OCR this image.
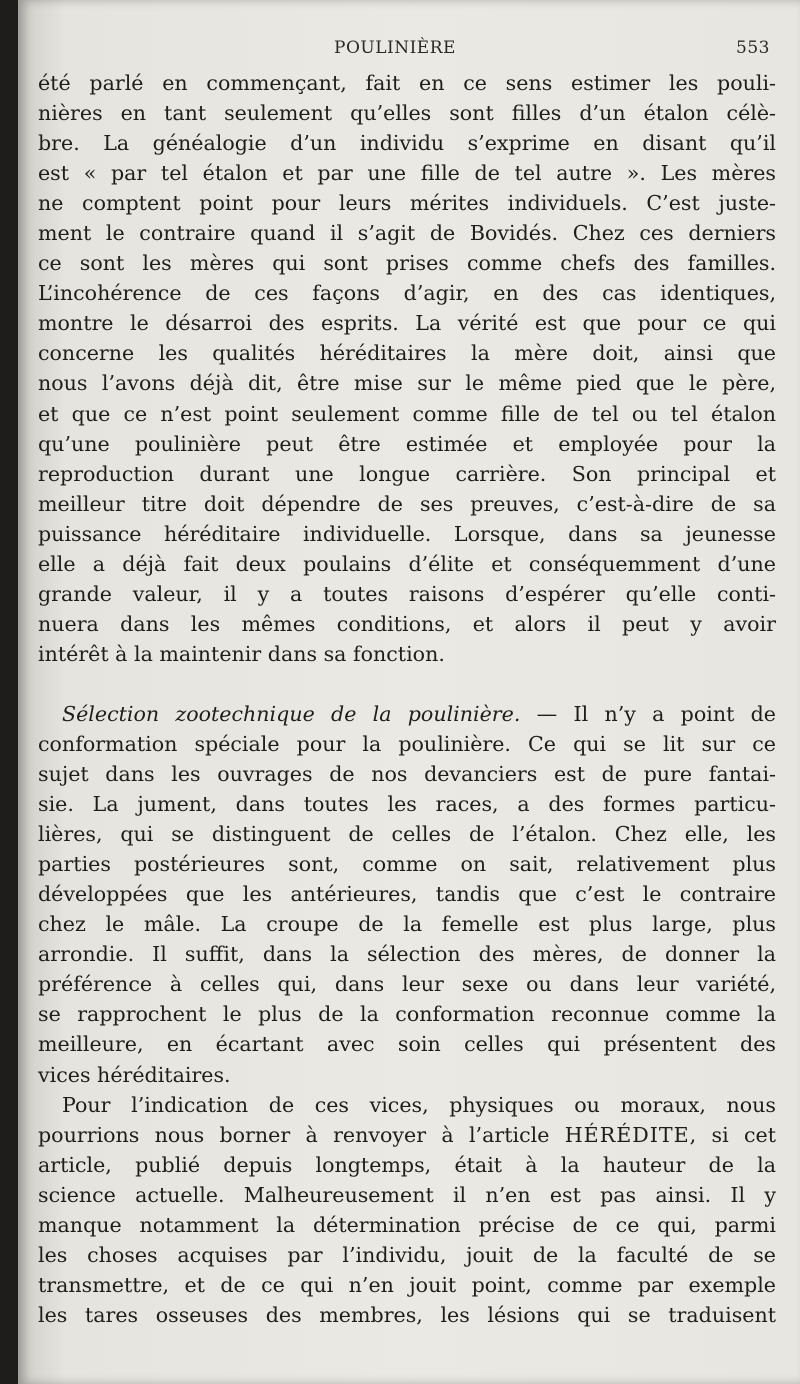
POULINIÈRE	553
été parlé en commençant, fait en ce sens estimer les pouli-
nières en tant seulement qu’elles sont filles d’un étalon célè-
bre. La généalogie d’un individu s’exprime en disant qu’il
est « par tel étalon et par une fille de tel autre ». Les mères
ne comptent point pour leurs mérites individuels. C’est juste-
ment le contraire quand il s’agit de Bovidés. Chez ces derniers
ce sont les mères qui sont prises comme chefs des familles.
L’incohérence de ces façons d’agir, en des cas identiques,
montre le désarroi des esprits. La vérité est que pour ce qui
concerne les qualités héréditaires la mère doit, ainsi que
nous l’avons déjà dit, être mise sur le même pied que le père,
et que ce n’est point seulement comme fille de tel ou tel étalon
qu’une poulinière peut être estimée et employée pour la
reproduction durant une longue carrière. Son principal et
meilleur titre doit dépendre de ses preuves, c’est-à-dire de sa
puissance héréditaire individuelle. Lorsque, dans sa jeunesse
elle a déjà fait deux poulains d’élite et conséquemment d’une
grande valeur, il y a toutes raisons d’espérer qu’elle conti-
nuera dans les mêmes conditions, et alors il peut y avoir
intérêt à la maintenir dans sa fonction.
Sélection zootechnique de la poulinière. — Il n’y a point de
conformation spéciale pour la poulinière. Ce qui se lit sur ce
sujet dans les ouvrages de nos devanciers est de pure fantai-
sie. La jument, dans toutes les races, a des formes particu-
lières, qui se distinguent de celles de l’étalon. Chez elle, les
parties postérieures sont, comme on sait, relativement plus
développées que les antérieures, tandis que c’est le contraire
chez le mâle. La croupe de la femelle est plus large, plus
arrondie. Il suffit, dans la sélection des mères, de donner la
préférence à celles qui, dans leur sexe ou dans leur variété,
se rapprochent le plus de la conformation reconnue comme la
meilleure, en écartant avec soin celles qui présentent des
vices héréditaires.
Pour l’indication de ces vices, physiques ou moraux, nous
pourrions nous borner à renvoyer à l’article HÉRÉDITE, si cet
article, publié depuis longtemps, était à la hauteur de la
science actuelle. Malheureusement il n’en est pas ainsi. Il y
manque notamment la détermination précise de ce qui, parmi
les choses acquises par l’individu, jouit de la faculté de se
transmettre, et de ce qui n’en jouit point, comme par exemple
les tares osseuses des membres, les lésions qui se traduisent
